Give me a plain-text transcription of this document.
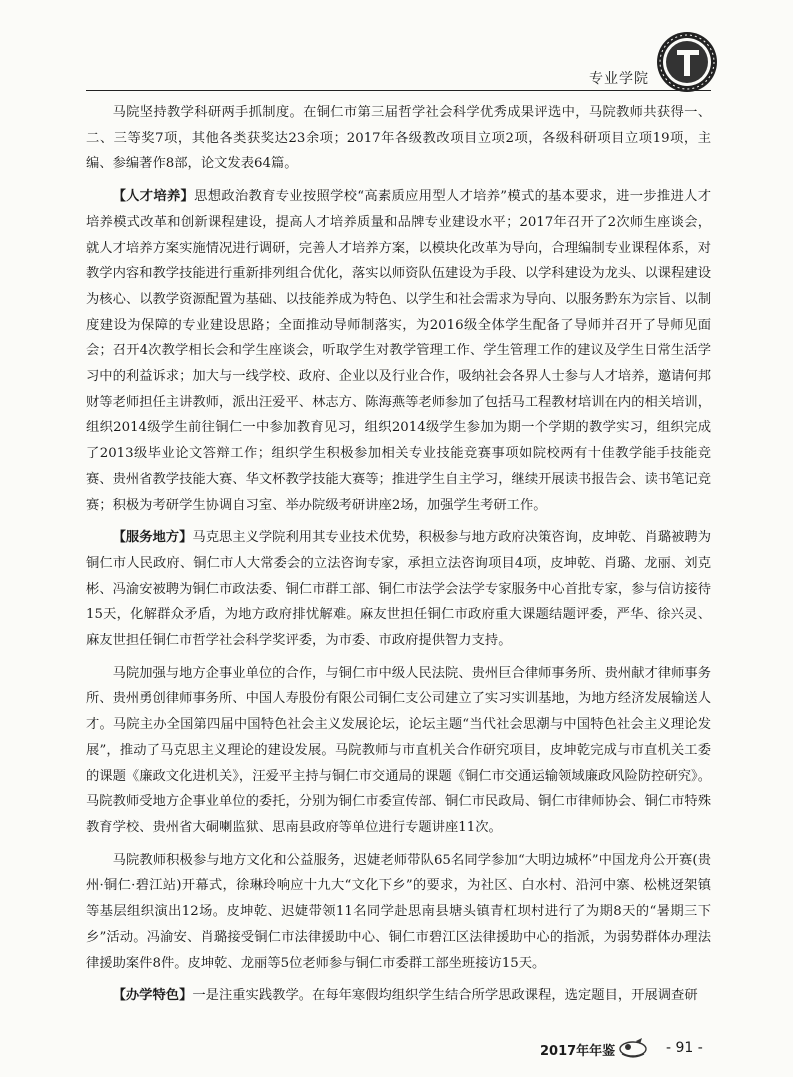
专业学院

马院坚持教学科研两手抓制度。在铜仁市第三届哲学社会科学优秀成果评选中，马院教师共获得一、二、三等奖7项，其他各类获奖达23余项；2017年各级教改项目立项2项，各级科研项目立项19项，主编、参编著作8部，论文发表64篇。

【人才培养】思想政治教育专业按照学校“高素质应用型人才培养”模式的基本要求，进一步推进人才培养模式改革和创新课程建设，提高人才培养质量和品牌专业建设水平；2017年召开了2次师生座谈会，就人才培养方案实施情况进行调研，完善人才培养方案，以模块化改革为导向，合理编制专业课程体系，对教学内容和教学技能进行重新排列组合优化，落实以师资队伍建设为手段、以学科建设为龙头、以课程建设为核心、以教学资源配置为基础、以技能养成为特色、以学生和社会需求为导向、以服务黔东为宗旨、以制度建设为保障的专业建设思路；全面推动导师制落实，为2016级全体学生配备了导师并召开了导师见面会；召开4次教学相长会和学生座谈会，听取学生对教学管理工作、学生管理工作的建议及学生日常生活学习中的利益诉求；加大与一线学校、政府、企业以及行业合作，吸纳社会各界人士参与人才培养，邀请何邦财等老师担任主讲教师，派出汪爱平、林志方、陈海燕等老师参加了包括马工程教材培训在内的相关培训，组织2014级学生前往铜仁一中参加教育见习，组织2014级学生参加为期一个学期的教学实习，组织完成了2013级毕业论文答辩工作；组织学生积极参加相关专业技能竞赛事项如院校两有十佳教学能手技能竞赛、贵州省教学技能大赛、华文杯教学技能大赛等；推进学生自主学习，继续开展读书报告会、读书笔记竞赛；积极为考研学生协调自习室、举办院级考研讲座2场，加强学生考研工作。

【服务地方】马克思主义学院利用其专业技术优势，积极参与地方政府决策咨询，皮坤乾、肖璐被聘为铜仁市人民政府、铜仁市人大常委会的立法咨询专家，承担立法咨询项目4项，皮坤乾、肖璐、龙丽、刘克彬、冯渝安被聘为铜仁市政法委、铜仁市群工部、铜仁市法学会法学专家服务中心首批专家，参与信访接待15天，化解群众矛盾，为地方政府排忧解难。麻友世担任铜仁市政府重大课题结题评委，严华、徐兴灵、麻友世担任铜仁市哲学社会科学奖评委，为市委、市政府提供智力支持。

马院加强与地方企事业单位的合作，与铜仁市中级人民法院、贵州巨合律师事务所、贵州献才律师事务所、贵州勇创律师事务所、中国人寿股份有限公司铜仁支公司建立了实习实训基地，为地方经济发展输送人才。马院主办全国第四届中国特色社会主义发展论坛，论坛主题“当代社会思潮与中国特色社会主义理论发展”，推动了马克思主义理论的建设发展。马院教师与市直机关合作研究项目，皮坤乾完成与市直机关工委的课题《廉政文化进机关》，汪爱平主持与铜仁市交通局的课题《铜仁市交通运输领域廉政风险防控研究》。马院教师受地方企事业单位的委托，分别为铜仁市委宣传部、铜仁市民政局、铜仁市律师协会、铜仁市特殊教育学校、贵州省大硐喇监狱、思南县政府等单位进行专题讲座11次。

马院教师积极参与地方文化和公益服务，迟婕老师带队65名同学参加“大明边城杯”中国龙舟公开赛(贵州·铜仁·碧江站)开幕式，徐琳玲响应十九大“文化下乡”的要求，为社区、白水村、沿河中寨、松桃迓架镇等基层组织演出12场。皮坤乾、迟婕带领11名同学赴思南县塘头镇青杠坝村进行了为期8天的“暑期三下乡”活动。冯渝安、肖璐接受铜仁市法律援助中心、铜仁市碧江区法律援助中心的指派，为弱势群体办理法律援助案件8件。皮坤乾、龙丽等5位老师参与铜仁市委群工部坐班接访15天。

【办学特色】一是注重实践教学。在每年寒假均组织学生结合所学思政课程，选定题目，开展调查研

2017年年鉴	- 91 -
